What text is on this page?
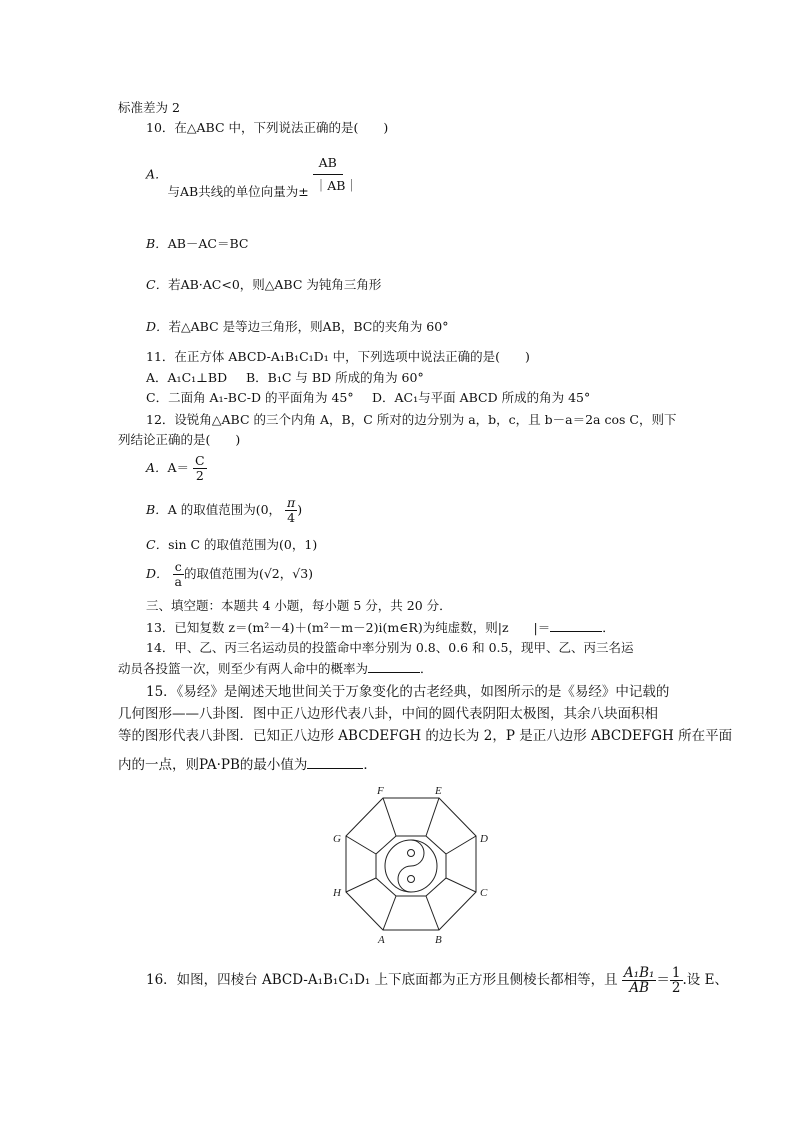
标准差为 2
10．在△ABC 中，下列说法正确的是(　　)
A．与AB共线的单位向量为± $\frac{AB}{|AB|}$
B．AB－AC＝BC
C．若AB·AC<0，则△ABC 为钝角三角形
D．若△ABC 是等边三角形，则AB，BC的夹角为 60°
11．在正方体 ABCD-A₁B₁C₁D₁ 中，下列选项中说法正确的是(　　)
A．A₁C₁⊥BD B．B₁C 与 BD 所成的角为 60°
C．二面角 A₁-BC-D 的平面角为 45° D．AC₁与平面 ABCD 所成的角为 45°
12．设锐角△ABC 的三个内角 A，B，C 所对的边分别为 a，b，c，且 b－a＝2a cos C，则下
列结论正确的是(　　)
A．$A= \frac{C}{2}$
B．A 的取值范围为(0， $\frac{\pi}{4}$ )
C．sin C 的取值范围为(0，1)
D． $\frac{c}{a}$ 的取值范围为(√2，√3)
三、填空题：本题共 4 小题，每小题 5 分，共 20 分．
13．已知复数 z＝(m²－4)＋(m²－m－2)i(m∈R)为纯虚数，则|z　　|＝	．
14．甲、乙、丙三名运动员的投篮命中率分别为 0.8、0.6 和 0.5，现甲、乙、丙三名运
动员各投篮一次，则至少有两人命中的概率为	．
15．《易经》是阐述天地世间关于万象变化的古老经典，如图所示的是《易经》中记载的
几何图形——八卦图．图中正八边形代表八卦，中间的圆代表阴阳太极图，其余八块面积相
等的图形代表八卦图．已知正八边形 ABCDEFGH 的边长为 2，P 是正八边形 ABCDEFGH 所在平面
内的一点，则PA·PB的最小值为	．
F	E
D
C
B
A
H
G
16．如图，四棱台 ABCD-A₁B₁C₁D₁ 上下底面都为正方形且侧棱长都相等，且 $\frac{\text{A₁B₁}}{AB} = \frac{1}{2}$ .设 E、
